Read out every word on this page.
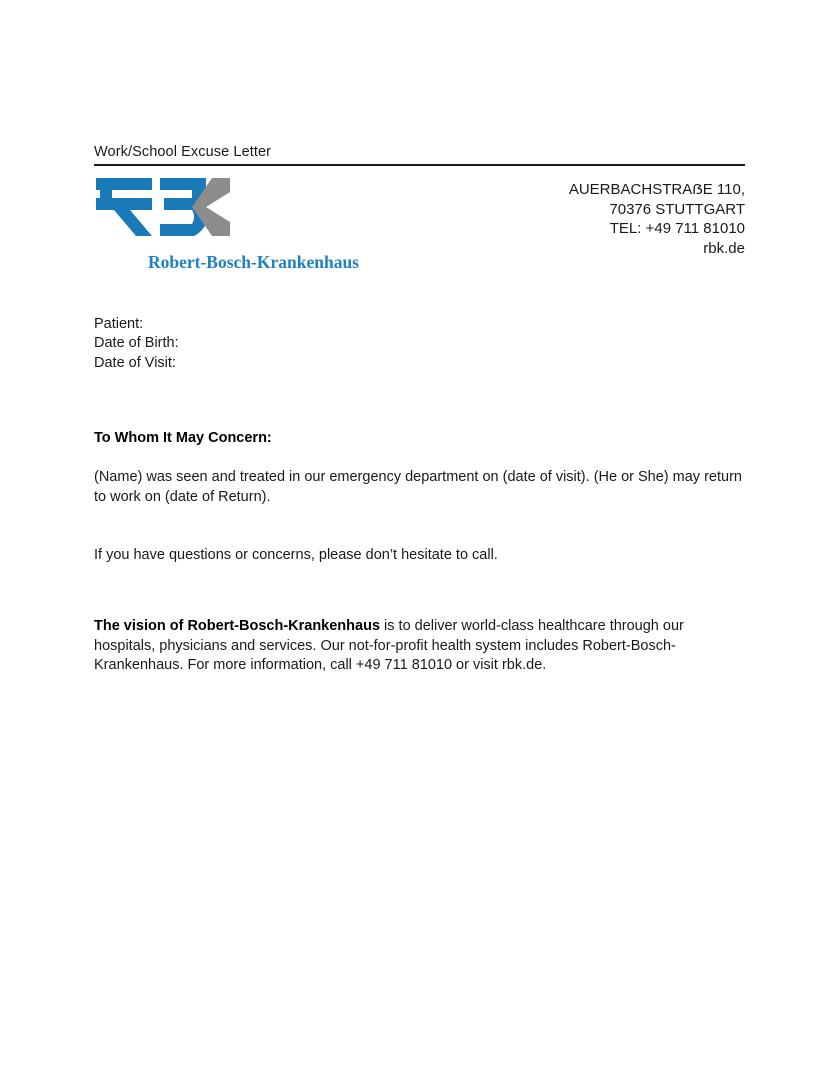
Work/School Excuse Letter
Robert-Bosch-Krankenhaus
AUERBACHSTRAẞE 110,
70376 STUTTGART
TEL: +49 711 81010
rbk.de
Patient:
Date of Birth:
Date of Visit:
To Whom It May Concern:
(Name) was seen and treated in our emergency department on (date of visit). (He or She) may return to work on (date of Return).
If you have questions or concerns, please don’t hesitate to call.
The vision of Robert-Bosch-Krankenhaus is to deliver world-class healthcare through our hospitals, physicians and services. Our not-for-profit health system includes Robert-Bosch-Krankenhaus. For more information, call +49 711 81010 or visit rbk.de.
